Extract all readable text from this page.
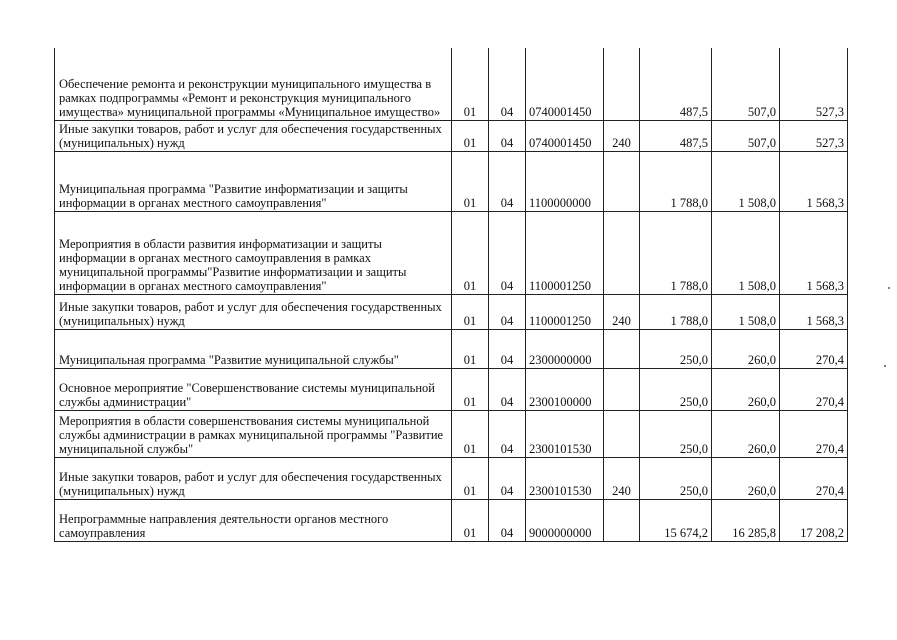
Обеспечение ремонта и реконструкции муниципального имущества в рамках подпрограммы «Ремонт и реконструкция муниципального имущества» муниципальной программы «Муниципальное имущество»	01	04	0740001450		487,5	507,0	527,3
Иные закупки товаров, работ и услуг для обеспечения государственных (муниципальных) нужд	01	04	0740001450	240	487,5	507,0	527,3
Муниципальная программа "Развитие информатизации и защиты информации в органах местного самоуправления"	01	04	1100000000		1 788,0	1 508,0	1 568,3
Мероприятия в области развития информатизации и защиты информации в органах местного самоуправления в рамках муниципальной программы"Развитие информатизации и защиты информации в органах местного самоуправления"	01	04	1100001250		1 788,0	1 508,0	1 568,3
Иные закупки товаров, работ и услуг для обеспечения государственных (муниципальных) нужд	01	04	1100001250	240	1 788,0	1 508,0	1 568,3
Муниципальная программа "Развитие муниципальной службы"	01	04	2300000000		250,0	260,0	270,4
Основное мероприятие "Совершенствование системы муниципальной службы администрации"	01	04	2300100000		250,0	260,0	270,4
Мероприятия в области совершенствования системы муниципальной службы администрации в рамках муниципальной программы "Развитие муниципальной службы"	01	04	2300101530		250,0	260,0	270,4
Иные закупки товаров, работ и услуг для обеспечения государственных (муниципальных) нужд	01	04	2300101530	240	250,0	260,0	270,4
Непрограммные направления деятельности органов местного самоуправления	01	04	9000000000		15 674,2	16 285,8	17 208,2
